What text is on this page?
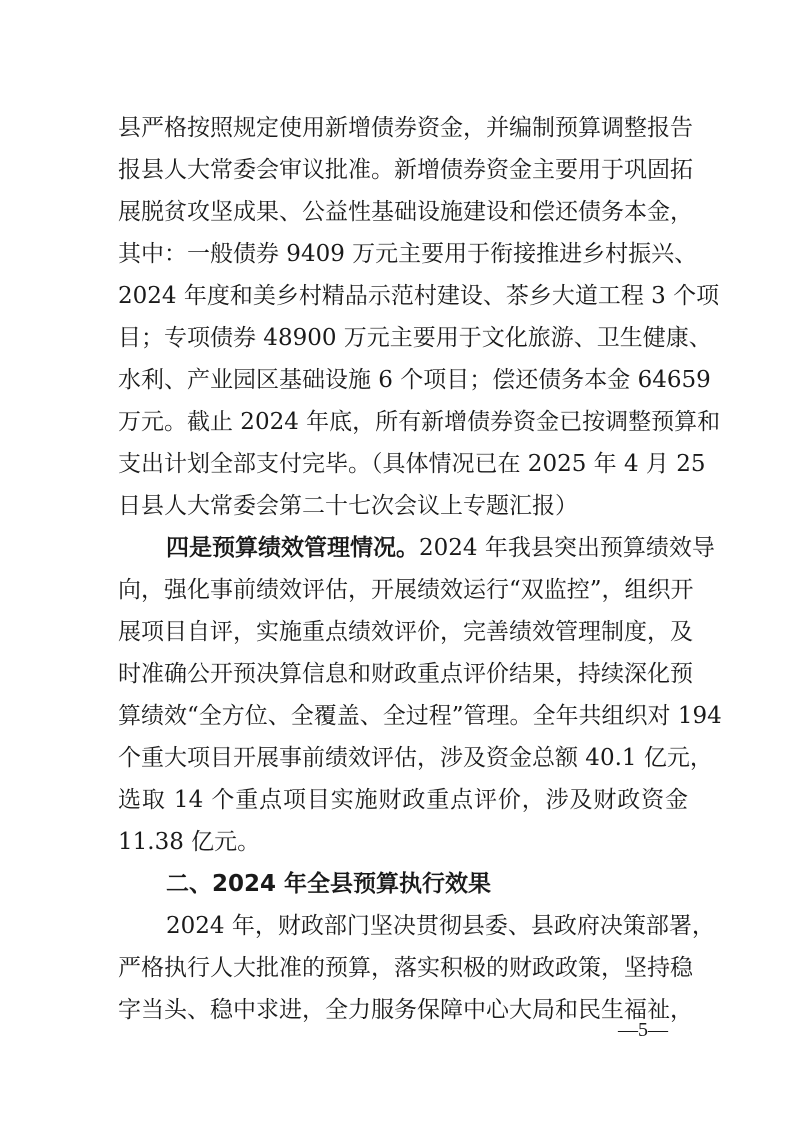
县严格按照规定使用新增债券资金，并编制预算调整报告
报县人大常委会审议批准。新增债券资金主要用于巩固拓
展脱贫攻坚成果、公益性基础设施建设和偿还债务本金，
其中：一般债券 9409 万元主要用于衔接推进乡村振兴、
2024 年度和美乡村精品示范村建设、茶乡大道工程 3 个项
目；专项债券 48900 万元主要用于文化旅游、卫生健康、
水利、产业园区基础设施 6 个项目；偿还债务本金 64659
万元。截止 2024 年底，所有新增债券资金已按调整预算和
支出计划全部支付完毕。（具体情况已在 2025 年 4 月 25
日县人大常委会第二十七次会议上专题汇报）
四是预算绩效管理情况。2024 年我县突出预算绩效导
向，强化事前绩效评估，开展绩效运行“双监控”，组织开
展项目自评，实施重点绩效评价，完善绩效管理制度，及
时准确公开预决算信息和财政重点评价结果，持续深化预
算绩效“全方位、全覆盖、全过程”管理。全年共组织对 194
个重大项目开展事前绩效评估，涉及资金总额 40.1 亿元，
选取 14 个重点项目实施财政重点评价，涉及财政资金
11.38 亿元。
二、2024 年全县预算执行效果
2024 年，财政部门坚决贯彻县委、县政府决策部署，
严格执行人大批准的预算，落实积极的财政政策，坚持稳
字当头、稳中求进，全力服务保障中心大局和民生福祉，
—5—
